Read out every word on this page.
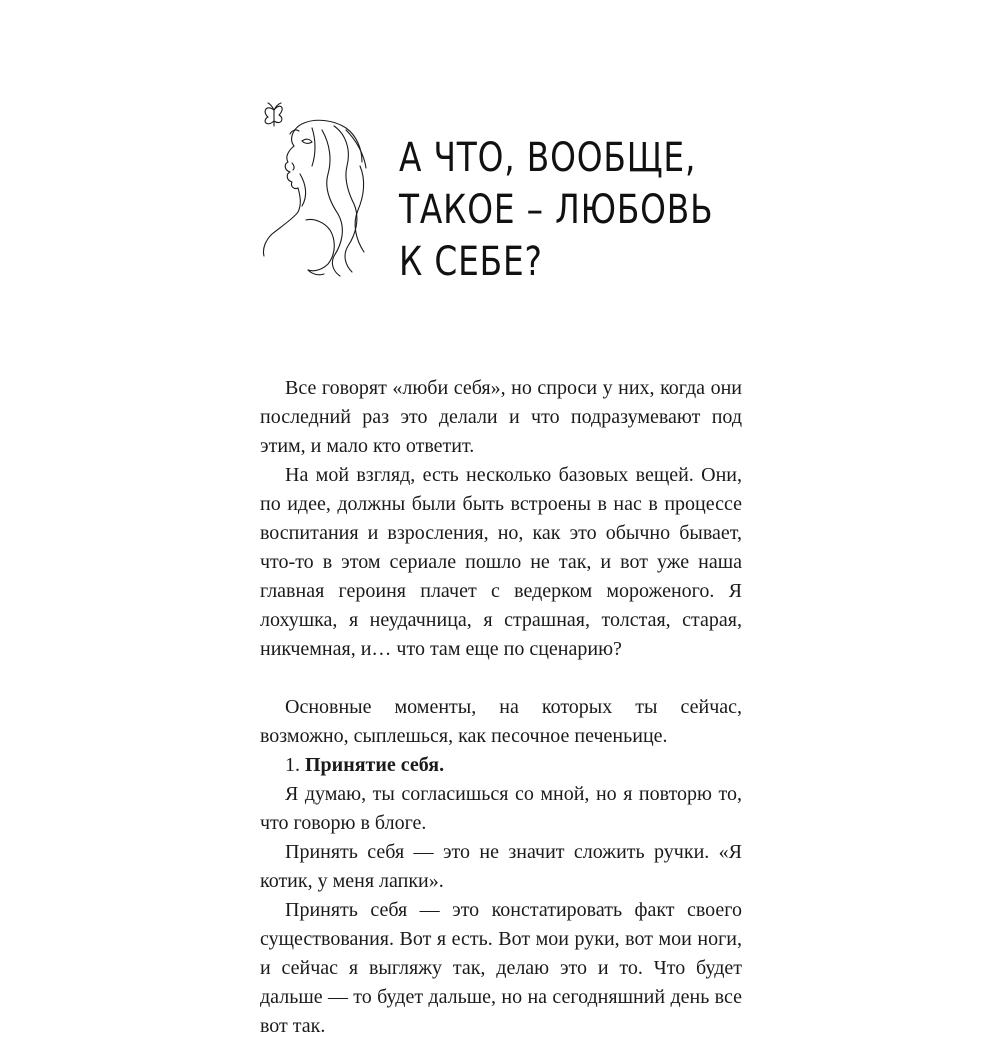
А ЧТО, ВООБЩЕ,
ТАКОЕ – ЛЮБОВЬ
К СЕБЕ?

Все говорят «люби себя», но спроси у них, когда они последний раз это делали и что подразумевают под этим, и мало кто ответит.

На мой взгляд, есть несколько базовых вещей. Они, по идее, должны были быть встроены в нас в процессе воспитания и взросления, но, как это обычно бывает, что-то в этом сериале пошло не так, и вот уже наша главная героиня плачет с ведерком мороженого. Я лохушка, я неудачница, я страшная, толстая, старая, никчемная, и… что там еще по сценарию?

Основные моменты, на которых ты сейчас, возможно, сыплешься, как песочное печеньице.

1. Принятие себя.

Я думаю, ты согласишься со мной, но я повторю то, что говорю в блоге.

Принять себя — это не значит сложить ручки. «Я котик, у меня лапки».

Принять себя — это констатировать факт своего существования. Вот я есть. Вот мои руки, вот мои ноги, и сейчас я выгляжу так, делаю это и то. Что будет дальше — то будет дальше, но на сегодняшний день все вот так.
